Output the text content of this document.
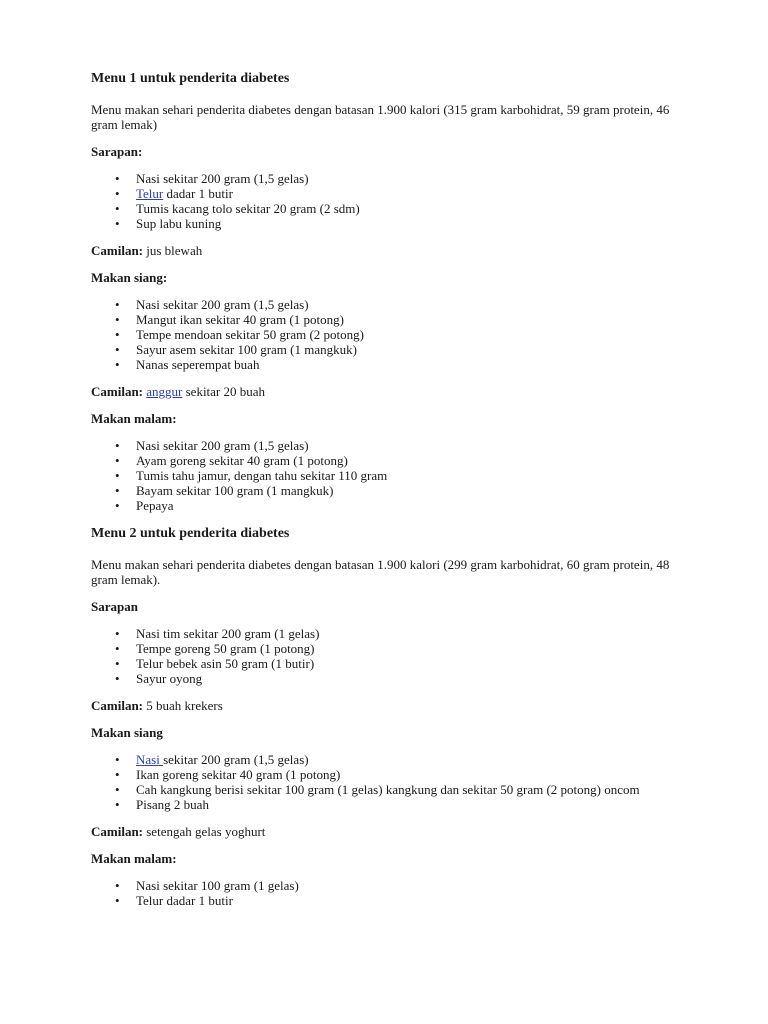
Menu 1 untuk penderita diabetes

Menu makan sehari penderita diabetes dengan batasan 1.900 kalori (315 gram karbohidrat, 59 gram protein, 46 gram lemak)

Sarapan:

• Nasi sekitar 200 gram (1,5 gelas)
• Telur dadar 1 butir
• Tumis kacang tolo sekitar 20 gram (2 sdm)
• Sup labu kuning

Camilan: jus blewah

Makan siang:

• Nasi sekitar 200 gram (1,5 gelas)
• Mangut ikan sekitar 40 gram (1 potong)
• Tempe mendoan sekitar 50 gram (2 potong)
• Sayur asem sekitar 100 gram (1 mangkuk)
• Nanas seperempat buah

Camilan: anggur sekitar 20 buah

Makan malam:

• Nasi sekitar 200 gram (1,5 gelas)
• Ayam goreng sekitar 40 gram (1 potong)
• Tumis tahu jamur, dengan tahu sekitar 110 gram
• Bayam sekitar 100 gram (1 mangkuk)
• Pepaya
Menu 2 untuk penderita diabetes

Menu makan sehari penderita diabetes dengan batasan 1.900 kalori (299 gram karbohidrat, 60 gram protein, 48 gram lemak).

Sarapan

• Nasi tim sekitar 200 gram (1 gelas)
• Tempe goreng 50 gram (1 potong)
• Telur bebek asin 50 gram (1 butir)
• Sayur oyong

Camilan: 5 buah krekers

Makan siang

• Nasi sekitar 200 gram (1,5 gelas)
• Ikan goreng sekitar 40 gram (1 potong)
• Cah kangkung berisi sekitar 100 gram (1 gelas) kangkung dan sekitar 50 gram (2 potong) oncom
• Pisang 2 buah

Camilan: setengah gelas yoghurt

Makan malam:

• Nasi sekitar 100 gram (1 gelas)
• Telur dadar 1 butir
